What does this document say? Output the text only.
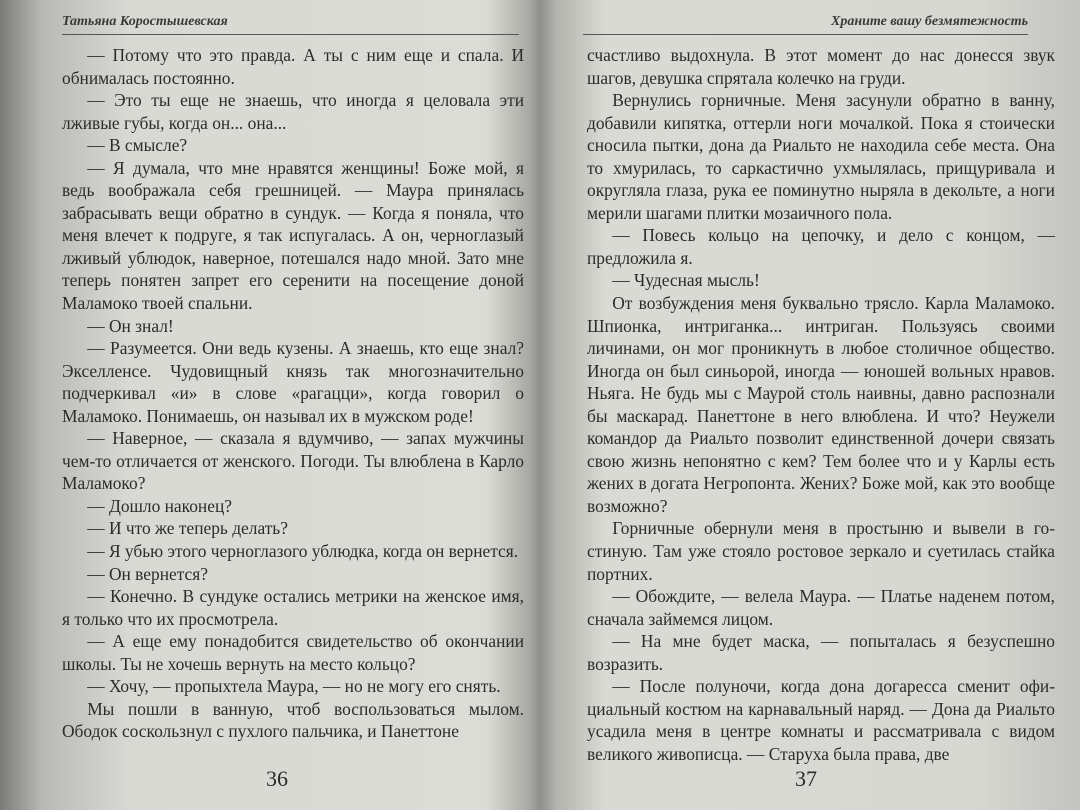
Татьяна Коростышевская

— Потому что это правда. А ты с ним еще и спала. И обнималась постоянно.

— Это ты еще не знаешь, что иногда я целовала эти лживые губы, когда он... она...

— В смысле?

— Я думала, что мне нравятся женщины! Боже мой, я ведь воображала себя грешницей. — Маура принялась забрасывать вещи обратно в сундук. — Когда я поняла, что меня влечет к подруге, я так испугалась. А он, черноглазый лживый ублюдок, наверное, потешался надо мной. Зато мне теперь понятен запрет его серенити на посещение доной Маламоко твоей спальни.

— Он знал!

— Разумеется. Они ведь кузены. А знаешь, кто еще знал? Экселленсе. Чудовищный князь так многозначительно подчеркивал «и» в слове «рагацци», когда говорил о Маламоко. Понимаешь, он называл их в мужском роде!

— Наверное, — сказала я вдумчиво, — запах мужчины чем-то отличается от женского. Погоди. Ты влюблена в Карло Маламоко?

— Дошло наконец?

— И что же теперь делать?

— Я убью этого черноглазого ублюдка, когда он вернется.

— Он вернется?

— Конечно. В сундуке остались метрики на женское имя, я только что их просмотрела.

— А еще ему понадобится свидетельство об окончании школы. Ты не хочешь вернуть на место кольцо?

— Хочу, — пропыхтела Маура, — но не могу его снять.

Мы пошли в ванную, чтоб воспользоваться мылом. Ободок соскользнул с пухлого пальчика, и Панеттоне

36
Храните вашу безмятежность

счастливо выдохнула. В этот момент до нас донесся звук шагов, девушка спрятала колечко на груди.

Вернулись горничные. Меня засунули обратно в ванну, добавили кипятка, оттерли ноги мочалкой. Пока я стоически сносила пытки, дона да Риальто не находила себе места. Она то хмурилась, то саркастично ухмылялась, прищуривала и округляла глаза, рука ее поминутно ныряла в декольте, а ноги мерили шагами плитки мозаичного пола.

— Повесь кольцо на цепочку, и дело с концом, — предложила я.

— Чудесная мысль!

От возбуждения меня буквально трясло. Карла Маламоко. Шпионка, интриганка... интриган. Пользуясь своими личинами, он мог проникнуть в любое столичное общество. Иногда он был синьорой, иногда — юношей вольных нравов. Ньяга. Не будь мы с Маурой столь наивны, давно распознали бы маскарад. Панеттоне в него влюблена. И что? Неужели командор да Риальто позволит единственной дочери связать свою жизнь непонятно с кем? Тем более что и у Карлы есть жених в догата Негропонта. Жених? Боже мой, как это вообще возможно?

Горничные обернули меня в простыню и вывели в гостиную. Там уже стояло ростовое зеркало и суетилась стайка портних.

— Обождите, — велела Маура. — Платье наденем потом, сначала займемся лицом.

— На мне будет маска, — попыталась я безуспешно возразить.

— После полуночи, когда дона догаресса сменит официальный костюм на карнавальный наряд. — Дона да Риальто усадила меня в центре комнаты и рассматривала с видом великого живописца. — Старуха была права, две

37
